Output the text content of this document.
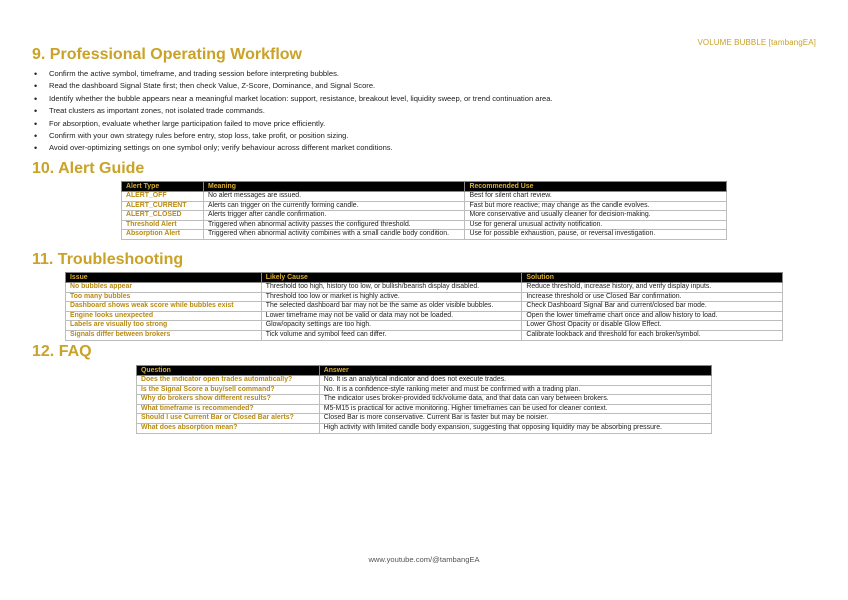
VOLUME BUBBLE [tambangEA]
9. Professional Operating Workflow
• Confirm the active symbol, timeframe, and trading session before interpreting bubbles.
• Read the dashboard Signal State first; then check Value, Z-Score, Dominance, and Signal Score.
• Identify whether the bubble appears near a meaningful market location: support, resistance, breakout level, liquidity sweep, or trend continuation area.
• Treat clusters as important zones, not isolated trade commands.
• For absorption, evaluate whether large participation failed to move price efficiently.
• Confirm with your own strategy rules before entry, stop loss, take profit, or position sizing.
• Avoid over-optimizing settings on one symbol only; verify behaviour across different market conditions.
10. Alert Guide
Alert Type	Meaning	Recommended Use
ALERT_OFF	No alert messages are issued.	Best for silent chart review.
ALERT_CURRENT	Alerts can trigger on the currently forming candle.	Fast but more reactive; may change as the candle evolves.
ALERT_CLOSED	Alerts trigger after candle confirmation.	More conservative and usually cleaner for decision-making.
Threshold Alert	Triggered when abnormal activity passes the configured threshold.	Use for general unusual activity notification.
Absorption Alert	Triggered when abnormal activity combines with a small candle body condition.	Use for possible exhaustion, pause, or reversal investigation.
11. Troubleshooting
Issue	Likely Cause	Solution
No bubbles appear	Threshold too high, history too low, or bullish/bearish display disabled.	Reduce threshold, increase history, and verify display inputs.
Too many bubbles	Threshold too low or market is highly active.	Increase threshold or use Closed Bar confirmation.
Dashboard shows weak score while bubbles exist	The selected dashboard bar may not be the same as older visible bubbles.	Check Dashboard Signal Bar and current/closed bar mode.
Engine looks unexpected	Lower timeframe may not be valid or data may not be loaded.	Open the lower timeframe chart once and allow history to load.
Labels are visually too strong	Glow/opacity settings are too high.	Lower Ghost Opacity or disable Glow Effect.
Signals differ between brokers	Tick volume and symbol feed can differ.	Calibrate lookback and threshold for each broker/symbol.
12. FAQ
Question	Answer
Does the indicator open trades automatically?	No. It is an analytical indicator and does not execute trades.
Is the Signal Score a buy/sell command?	No. It is a confidence-style ranking meter and must be confirmed with a trading plan.
Why do brokers show different results?	The indicator uses broker-provided tick/volume data, and that data can vary between brokers.
What timeframe is recommended?	M5-M15 is practical for active monitoring. Higher timeframes can be used for cleaner context.
Should I use Current Bar or Closed Bar alerts?	Closed Bar is more conservative. Current Bar is faster but may be noisier.
What does absorption mean?	High activity with limited candle body expansion, suggesting that opposing liquidity may be absorbing pressure.
www.youtube.com/@tambangEA
